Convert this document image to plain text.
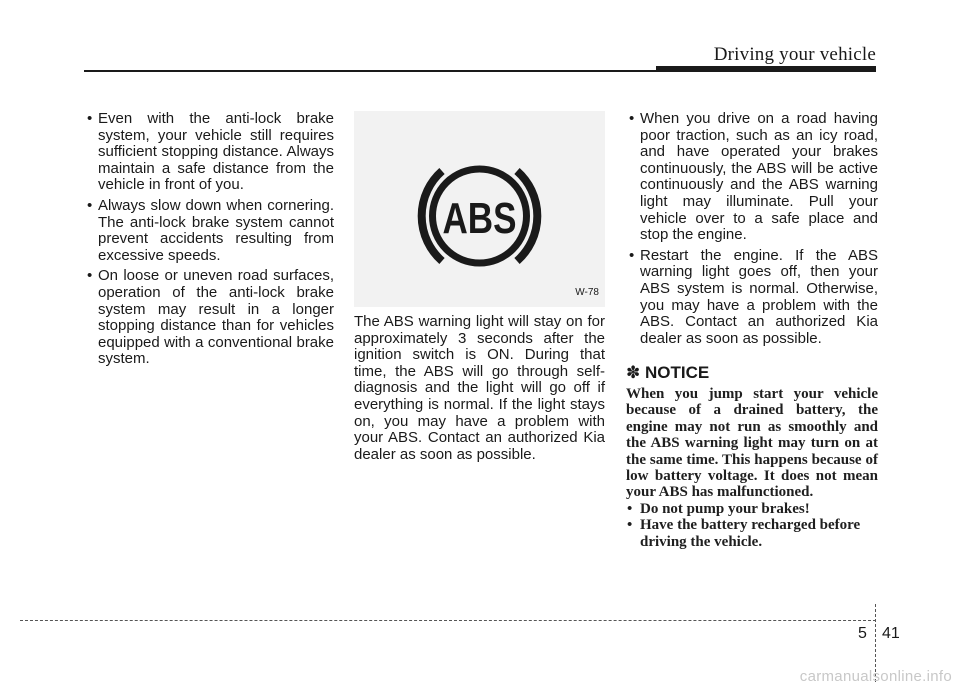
Driving your vehicle
• Even with the anti-lock brake system, your vehicle still requires sufficient stopping distance. Always maintain a safe distance from the vehicle in front of you.
• Always slow down when cornering. The anti-lock brake system cannot prevent accidents resulting from excessive speeds.
• On loose or uneven road surfaces, operation of the anti-lock brake system may result in a longer stopping distance than for vehicles equipped with a conventional brake system.
ABS
W-78
The ABS warning light will stay on for approximately 3 seconds after the ignition switch is ON. During that time, the ABS will go through self-diagnosis and the light will go off if everything is normal. If the light stays on, you may have a problem with your ABS. Contact an authorized Kia dealer as soon as possible.
• When you drive on a road having poor traction, such as an icy road, and have operated your brakes continuously, the ABS will be active continuously and the ABS warning light may illuminate. Pull your vehicle over to a safe place and stop the engine.
• Restart the engine. If the ABS warning light goes off, then your ABS system is normal. Otherwise, you may have a problem with the ABS. Contact an authorized Kia dealer as soon as possible.
✽ NOTICE

When you jump start your vehicle because of a drained battery, the engine may not run as smoothly and the ABS warning light may turn on at the same time. This happens because of low battery voltage. It does not mean your ABS has malfunctioned.

• Do not pump your brakes!
• Have the battery recharged before driving the vehicle.
5 41
carmanualsonline.info
